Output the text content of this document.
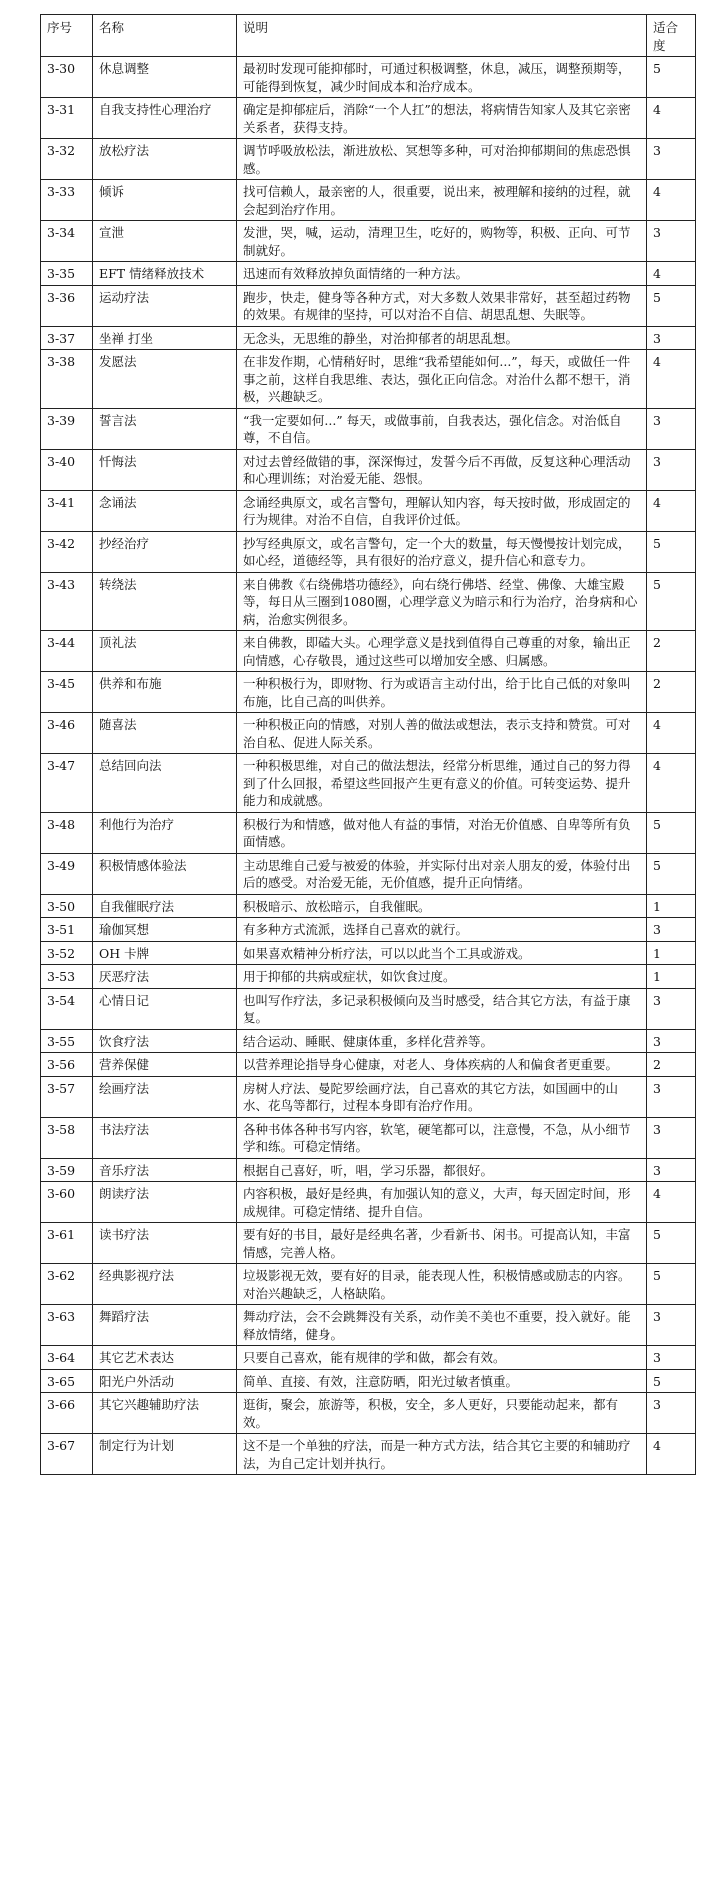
序号	名称	说明	适合度
3-30	休息调整	最初时发现可能抑郁时，可通过积极调整，休息，减压，调整预期等，可能得到恢复，减少时间成本和治疗成本。	5
3-31	自我支持性心理治疗	确定是抑郁症后，消除“一个人扛”的想法，将病情告知家人及其它亲密关系者，获得支持。	4
3-32	放松疗法	调节呼吸放松法，渐进放松、冥想等多种，可对治抑郁期间的焦虑恐惧感。	3
3-33	倾诉	找可信赖人，最亲密的人，很重要，说出来，被理解和接纳的过程，就会起到治疗作用。	4
3-34	宣泄	发泄，哭，喊，运动，清理卫生，吃好的，购物等，积极、正向、可节制就好。	3
3-35	EFT 情绪释放技术	迅速而有效释放掉负面情绪的一种方法。	4
3-36	运动疗法	跑步，快走，健身等各种方式，对大多数人效果非常好，甚至超过药物的效果。有规律的坚持，可以对治不自信、胡思乱想、失眠等。	5
3-37	坐禅 打坐	无念头，无思维的静坐，对治抑郁者的胡思乱想。	3
3-38	发愿法	在非发作期，心情稍好时，思维“我希望能如何...”，每天，或做任一件事之前，这样自我思维、表达，强化正向信念。对治什么都不想干，消极，兴趣缺乏。	4
3-39	誓言法	“我一定要如何...” 每天，或做事前，自我表达，强化信念。对治低自尊，不自信。	3
3-40	忏悔法	对过去曾经做错的事，深深悔过，发誓今后不再做，反复这种心理活动和心理训练；对治爱无能、怨恨。	3
3-41	念诵法	念诵经典原文，或名言警句，理解认知内容，每天按时做，形成固定的行为规律。对治不自信，自我评价过低。	4
3-42	抄经治疗	抄写经典原文，或名言警句，定一个大的数量，每天慢慢按计划完成，如心经，道德经等，具有很好的治疗意义，提升信心和意专力。	5
3-43	转绕法	来自佛教《右绕佛塔功德经》，向右绕行佛塔、经堂、佛像、大雄宝殿等，每日从三圈到1080圈，心理学意义为暗示和行为治疗，治身病和心病，治愈实例很多。	5
3-44	顶礼法	来自佛教，即磕大头。心理学意义是找到值得自己尊重的对象，输出正向情感，心存敬畏，通过这些可以增加安全感、归属感。	2
3-45	供养和布施	一种积极行为，即财物、行为或语言主动付出，给于比自己低的对象叫布施，比自己高的叫供养。	2
3-46	随喜法	一种积极正向的情感，对别人善的做法或想法，表示支持和赞赏。可对治自私、促进人际关系。	4
3-47	总结回向法	一种积极思维，对自己的做法想法，经常分析思维，通过自己的努力得到了什么回报，希望这些回报产生更有意义的价值。可转变运势、提升能力和成就感。	4
3-48	利他行为治疗	积极行为和情感，做对他人有益的事情，对治无价值感、自卑等所有负面情感。	5
3-49	积极情感体验法	主动思维自己爱与被爱的体验，并实际付出对亲人朋友的爱，体验付出后的感受。对治爱无能，无价值感，提升正向情绪。	5
3-50	自我催眠疗法	积极暗示、放松暗示，自我催眠。	1
3-51	瑜伽冥想	有多种方式流派，选择自己喜欢的就行。	3
3-52	OH 卡牌	如果喜欢精神分析疗法，可以以此当个工具或游戏。	1
3-53	厌恶疗法	用于抑郁的共病或症状，如饮食过度。	1
3-54	心情日记	也叫写作疗法，多记录积极倾向及当时感受，结合其它方法，有益于康复。	3
3-55	饮食疗法	结合运动、睡眠、健康体重，多样化营养等。	3
3-56	营养保健	以营养理论指导身心健康，对老人、身体疾病的人和偏食者更重要。	2
3-57	绘画疗法	房树人疗法、曼陀罗绘画疗法，自己喜欢的其它方法，如国画中的山水、花鸟等都行，过程本身即有治疗作用。	3
3-58	书法疗法	各种书体各种书写内容，软笔，硬笔都可以，注意慢，不急，从小细节学和练。可稳定情绪。	3
3-59	音乐疗法	根据自己喜好，听，唱，学习乐器，都很好。	3
3-60	朗读疗法	内容积极，最好是经典，有加强认知的意义，大声，每天固定时间，形成规律。可稳定情绪、提升自信。	4
3-61	读书疗法	要有好的书目，最好是经典名著，少看新书、闲书。可提高认知，丰富情感，完善人格。	5
3-62	经典影视疗法	垃圾影视无效，要有好的目录，能表现人性，积极情感或励志的内容。对治兴趣缺乏，人格缺陷。	5
3-63	舞蹈疗法	舞动疗法，会不会跳舞没有关系，动作美不美也不重要，投入就好。能释放情绪，健身。	3
3-64	其它艺术表达	只要自己喜欢，能有规律的学和做，都会有效。	3
3-65	阳光户外活动	简单、直接、有效，注意防晒，阳光过敏者慎重。	5
3-66	其它兴趣辅助疗法	逛街，聚会，旅游等，积极，安全，多人更好，只要能动起来，都有效。	3
3-67	制定行为计划	这不是一个单独的疗法，而是一种方式方法，结合其它主要的和辅助疗法，为自己定计划并执行。	4
